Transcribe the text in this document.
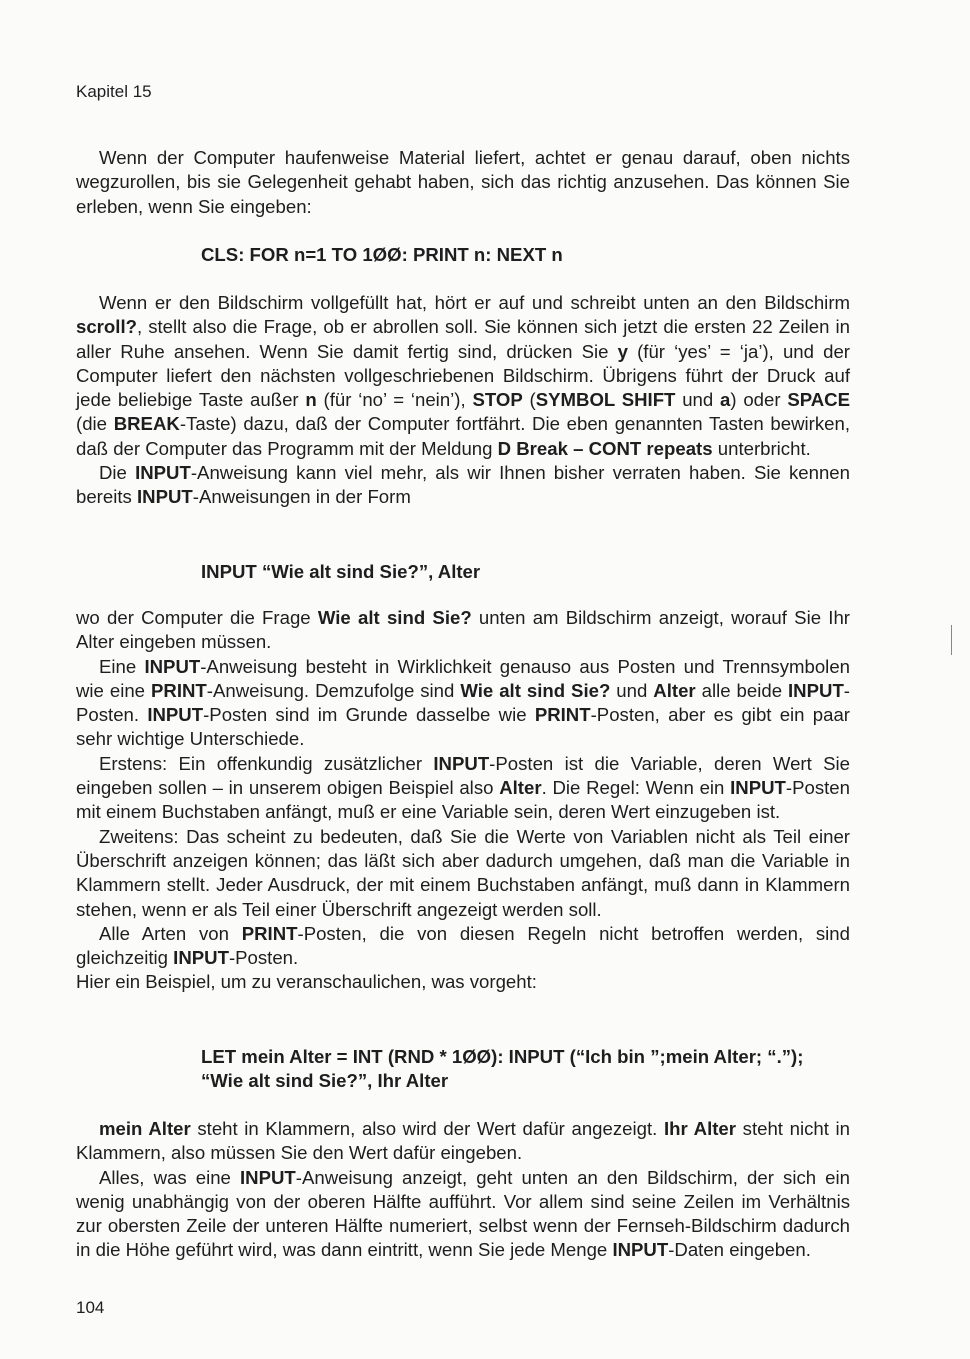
Kapitel 15

Wenn der Computer haufenweise Material liefert, achtet er genau darauf, oben nichts wegzurollen, bis sie Gelegenheit gehabt haben, sich das richtig anzusehen. Das können Sie erleben, wenn Sie eingeben:

CLS: FOR n=1 TO 1ØØ: PRINT n: NEXT n

Wenn er den Bildschirm vollgefüllt hat, hört er auf und schreibt unten an den Bildschirm scroll?, stellt also die Frage, ob er abrollen soll. Sie können sich jetzt die ersten 22 Zeilen in aller Ruhe ansehen. Wenn Sie damit fertig sind, drücken Sie y (für ‘yes’ = ‘ja’), und der Computer liefert den nächsten vollgeschriebenen Bildschirm. Übrigens führt der Druck auf jede beliebige Taste außer n (für ‘no’ = ‘nein’), STOP (SYMBOL SHIFT und a) oder SPACE (die BREAK-Taste) dazu, daß der Computer fortfährt. Die eben genannten Tasten bewirken, daß der Computer das Programm mit der Meldung D Break – CONT repeats unterbricht.

Die INPUT-Anweisung kann viel mehr, als wir Ihnen bisher verraten haben. Sie kennen bereits INPUT-Anweisungen in der Form

INPUT “Wie alt sind Sie?”, Alter

wo der Computer die Frage Wie alt sind Sie? unten am Bildschirm anzeigt, worauf Sie Ihr Alter eingeben müssen.

Eine INPUT-Anweisung besteht in Wirklichkeit genauso aus Posten und Trennsymbolen wie eine PRINT-Anweisung. Demzufolge sind Wie alt sind Sie? und Alter alle beide INPUT-Posten. INPUT-Posten sind im Grunde dasselbe wie PRINT-Posten, aber es gibt ein paar sehr wichtige Unterschiede.

Erstens: Ein offenkundig zusätzlicher INPUT-Posten ist die Variable, deren Wert Sie eingeben sollen – in unserem obigen Beispiel also Alter. Die Regel: Wenn ein INPUT-Posten mit einem Buchstaben anfängt, muß er eine Variable sein, deren Wert einzugeben ist.

Zweitens: Das scheint zu bedeuten, daß Sie die Werte von Variablen nicht als Teil einer Überschrift anzeigen können; das läßt sich aber dadurch umgehen, daß man die Variable in Klammern stellt. Jeder Ausdruck, der mit einem Buchstaben anfängt, muß dann in Klammern stehen, wenn er als Teil einer Überschrift angezeigt werden soll.

Alle Arten von PRINT-Posten, die von diesen Regeln nicht betroffen werden, sind gleichzeitig INPUT-Posten.

Hier ein Beispiel, um zu veranschaulichen, was vorgeht:

LET mein Alter = INT (RND * 1ØØ): INPUT (“Ich bin ”;mein Alter; “.”);
“Wie alt sind Sie?”, Ihr Alter

mein Alter steht in Klammern, also wird der Wert dafür angezeigt. Ihr Alter steht nicht in Klammern, also müssen Sie den Wert dafür eingeben.

Alles, was eine INPUT-Anweisung anzeigt, geht unten an den Bildschirm, der sich ein wenig unabhängig von der oberen Hälfte aufführt. Vor allem sind seine Zeilen im Verhältnis zur obersten Zeile der unteren Hälfte numeriert, selbst wenn der Fernseh-Bildschirm dadurch in die Höhe geführt wird, was dann eintritt, wenn Sie jede Menge INPUT-Daten eingeben.

104
